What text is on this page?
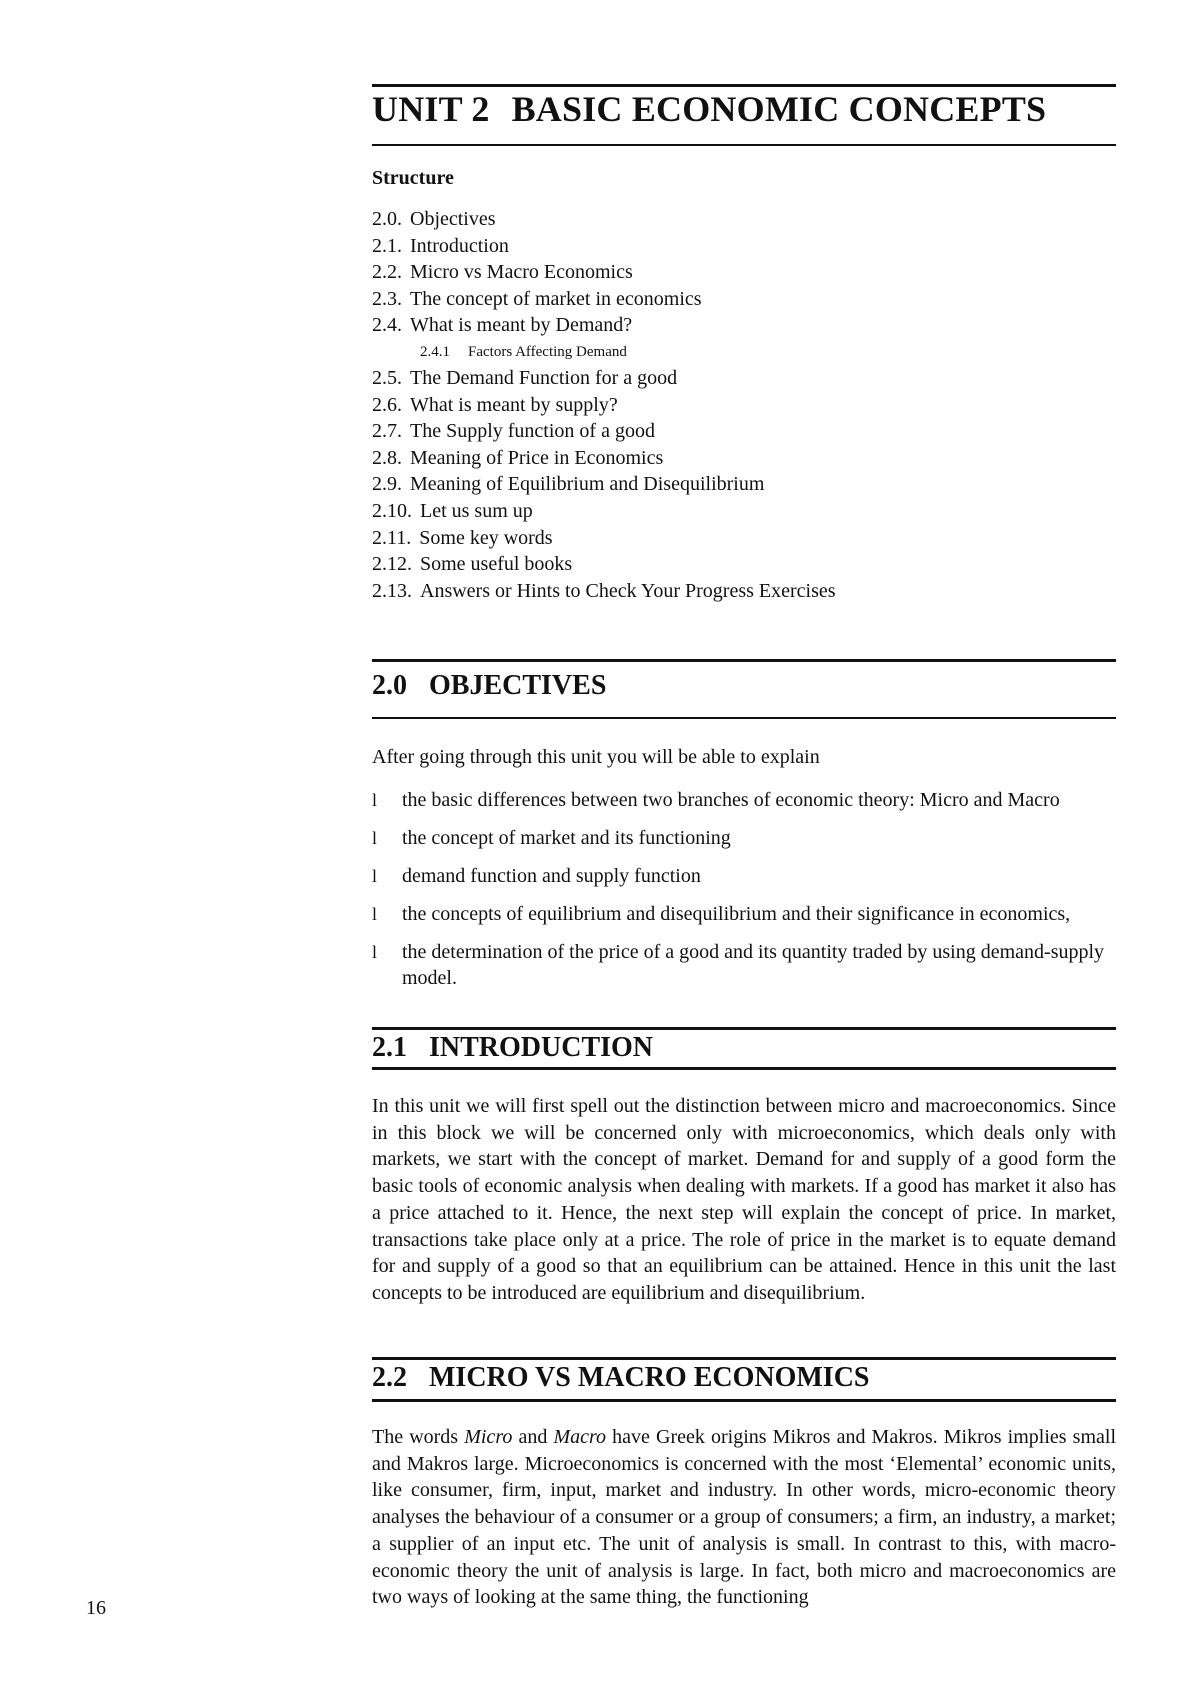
UNIT 2 BASIC ECONOMIC CONCEPTS
Structure
2.0. Objectives
2.1. Introduction
2.2. Micro vs Macro Economics
2.3. The concept of market in economics
2.4. What is meant by Demand?
2.4.1 Factors Affecting Demand
2.5. The Demand Function for a good
2.6. What is meant by supply?
2.7. The Supply function of a good
2.8. Meaning of Price in Economics
2.9. Meaning of Equilibrium and Disequilibrium
2.10. Let us sum up
2.11. Some key words
2.12. Some useful books
2.13. Answers or Hints to Check Your Progress Exercises
2.0 OBJECTIVES
After going through this unit you will be able to explain
l the basic differences between two branches of economic theory: Micro and Macro
l the concept of market and its functioning
l demand function and supply function
l the concepts of equilibrium and disequilibrium and their significance in economics,
l the determination of the price of a good and its quantity traded by using demand-supply model.
2.1 INTRODUCTION
In this unit we will first spell out the distinction between micro and macroeconomics. Since in this block we will be concerned only with microeconomics, which deals only with markets, we start with the concept of market. Demand for and supply of a good form the basic tools of economic analysis when dealing with markets. If a good has market it also has a price attached to it. Hence, the next step will explain the concept of price. In market, transactions take place only at a price. The role of price in the market is to equate demand for and supply of a good so that an equilibrium can be attained. Hence in this unit the last concepts to be introduced are equilibrium and disequilibrium.
2.2 MICRO VS MACRO ECONOMICS
The words Micro and Macro have Greek origins Mikros and Makros. Mikros implies small and Makros large. Microeconomics is concerned with the most ‘Elemental’ economic units, like consumer, firm, input, market and industry. In other words, micro-economic theory analyses the behaviour of a consumer or a group of consumers; a firm, an industry, a market; a supplier of an input etc. The unit of analysis is small. In contrast to this, with macro-economic theory the unit of analysis is large. In fact, both micro and macroeconomics are two ways of looking at the same thing, the functioning
16
